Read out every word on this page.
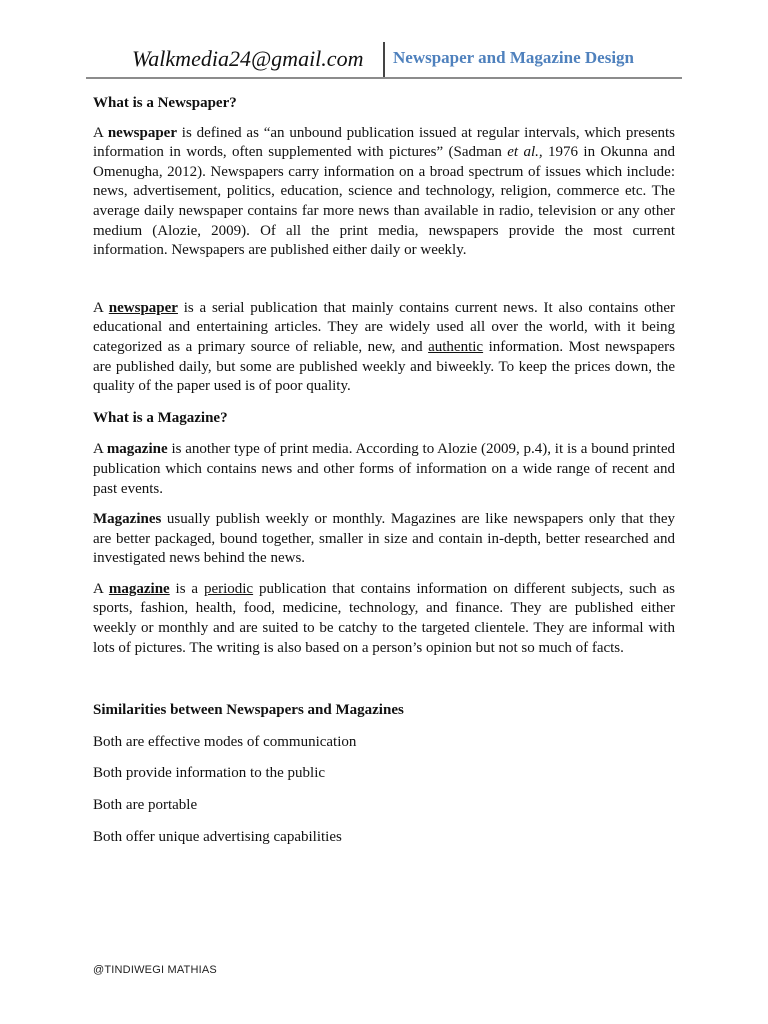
Walkmedia24@gmail.com Newspaper and Magazine Design
What is a Newspaper?

A newspaper is defined as “an unbound publication issued at regular intervals, which presents information in words, often supplemented with pictures” (Sadman et al., 1976 in Okunna and Omenugha, 2012). Newspapers carry information on a broad spectrum of issues which include: news, advertisement, politics, education, science and technology, religion, commerce etc. The average daily newspaper contains far more news than available in radio, television or any other medium (Alozie, 2009). Of all the print media, newspapers provide the most current information. Newspapers are published either daily or weekly.

A newspaper is a serial publication that mainly contains current news. It also contains other educational and entertaining articles. They are widely used all over the world, with it being categorized as a primary source of reliable, new, and authentic information. Most newspapers are published daily, but some are published weekly and biweekly. To keep the prices down, the quality of the paper used is of poor quality.

What is a Magazine?

A magazine is another type of print media. According to Alozie (2009, p.4), it is a bound printed publication which contains news and other forms of information on a wide range of recent and past events.

Magazines usually publish weekly or monthly. Magazines are like newspapers only that they are better packaged, bound together, smaller in size and contain in-depth, better researched and investigated news behind the news.

A magazine is a periodic publication that contains information on different subjects, such as sports, fashion, health, food, medicine, technology, and finance. They are published either weekly or monthly and are suited to be catchy to the targeted clientele. They are informal with lots of pictures. The writing is also based on a person’s opinion but not so much of facts.

Similarities between Newspapers and Magazines

Both are effective modes of communication

Both provide information to the public

Both are portable

Both offer unique advertising capabilities

@TINDIWEGI MATHIAS
